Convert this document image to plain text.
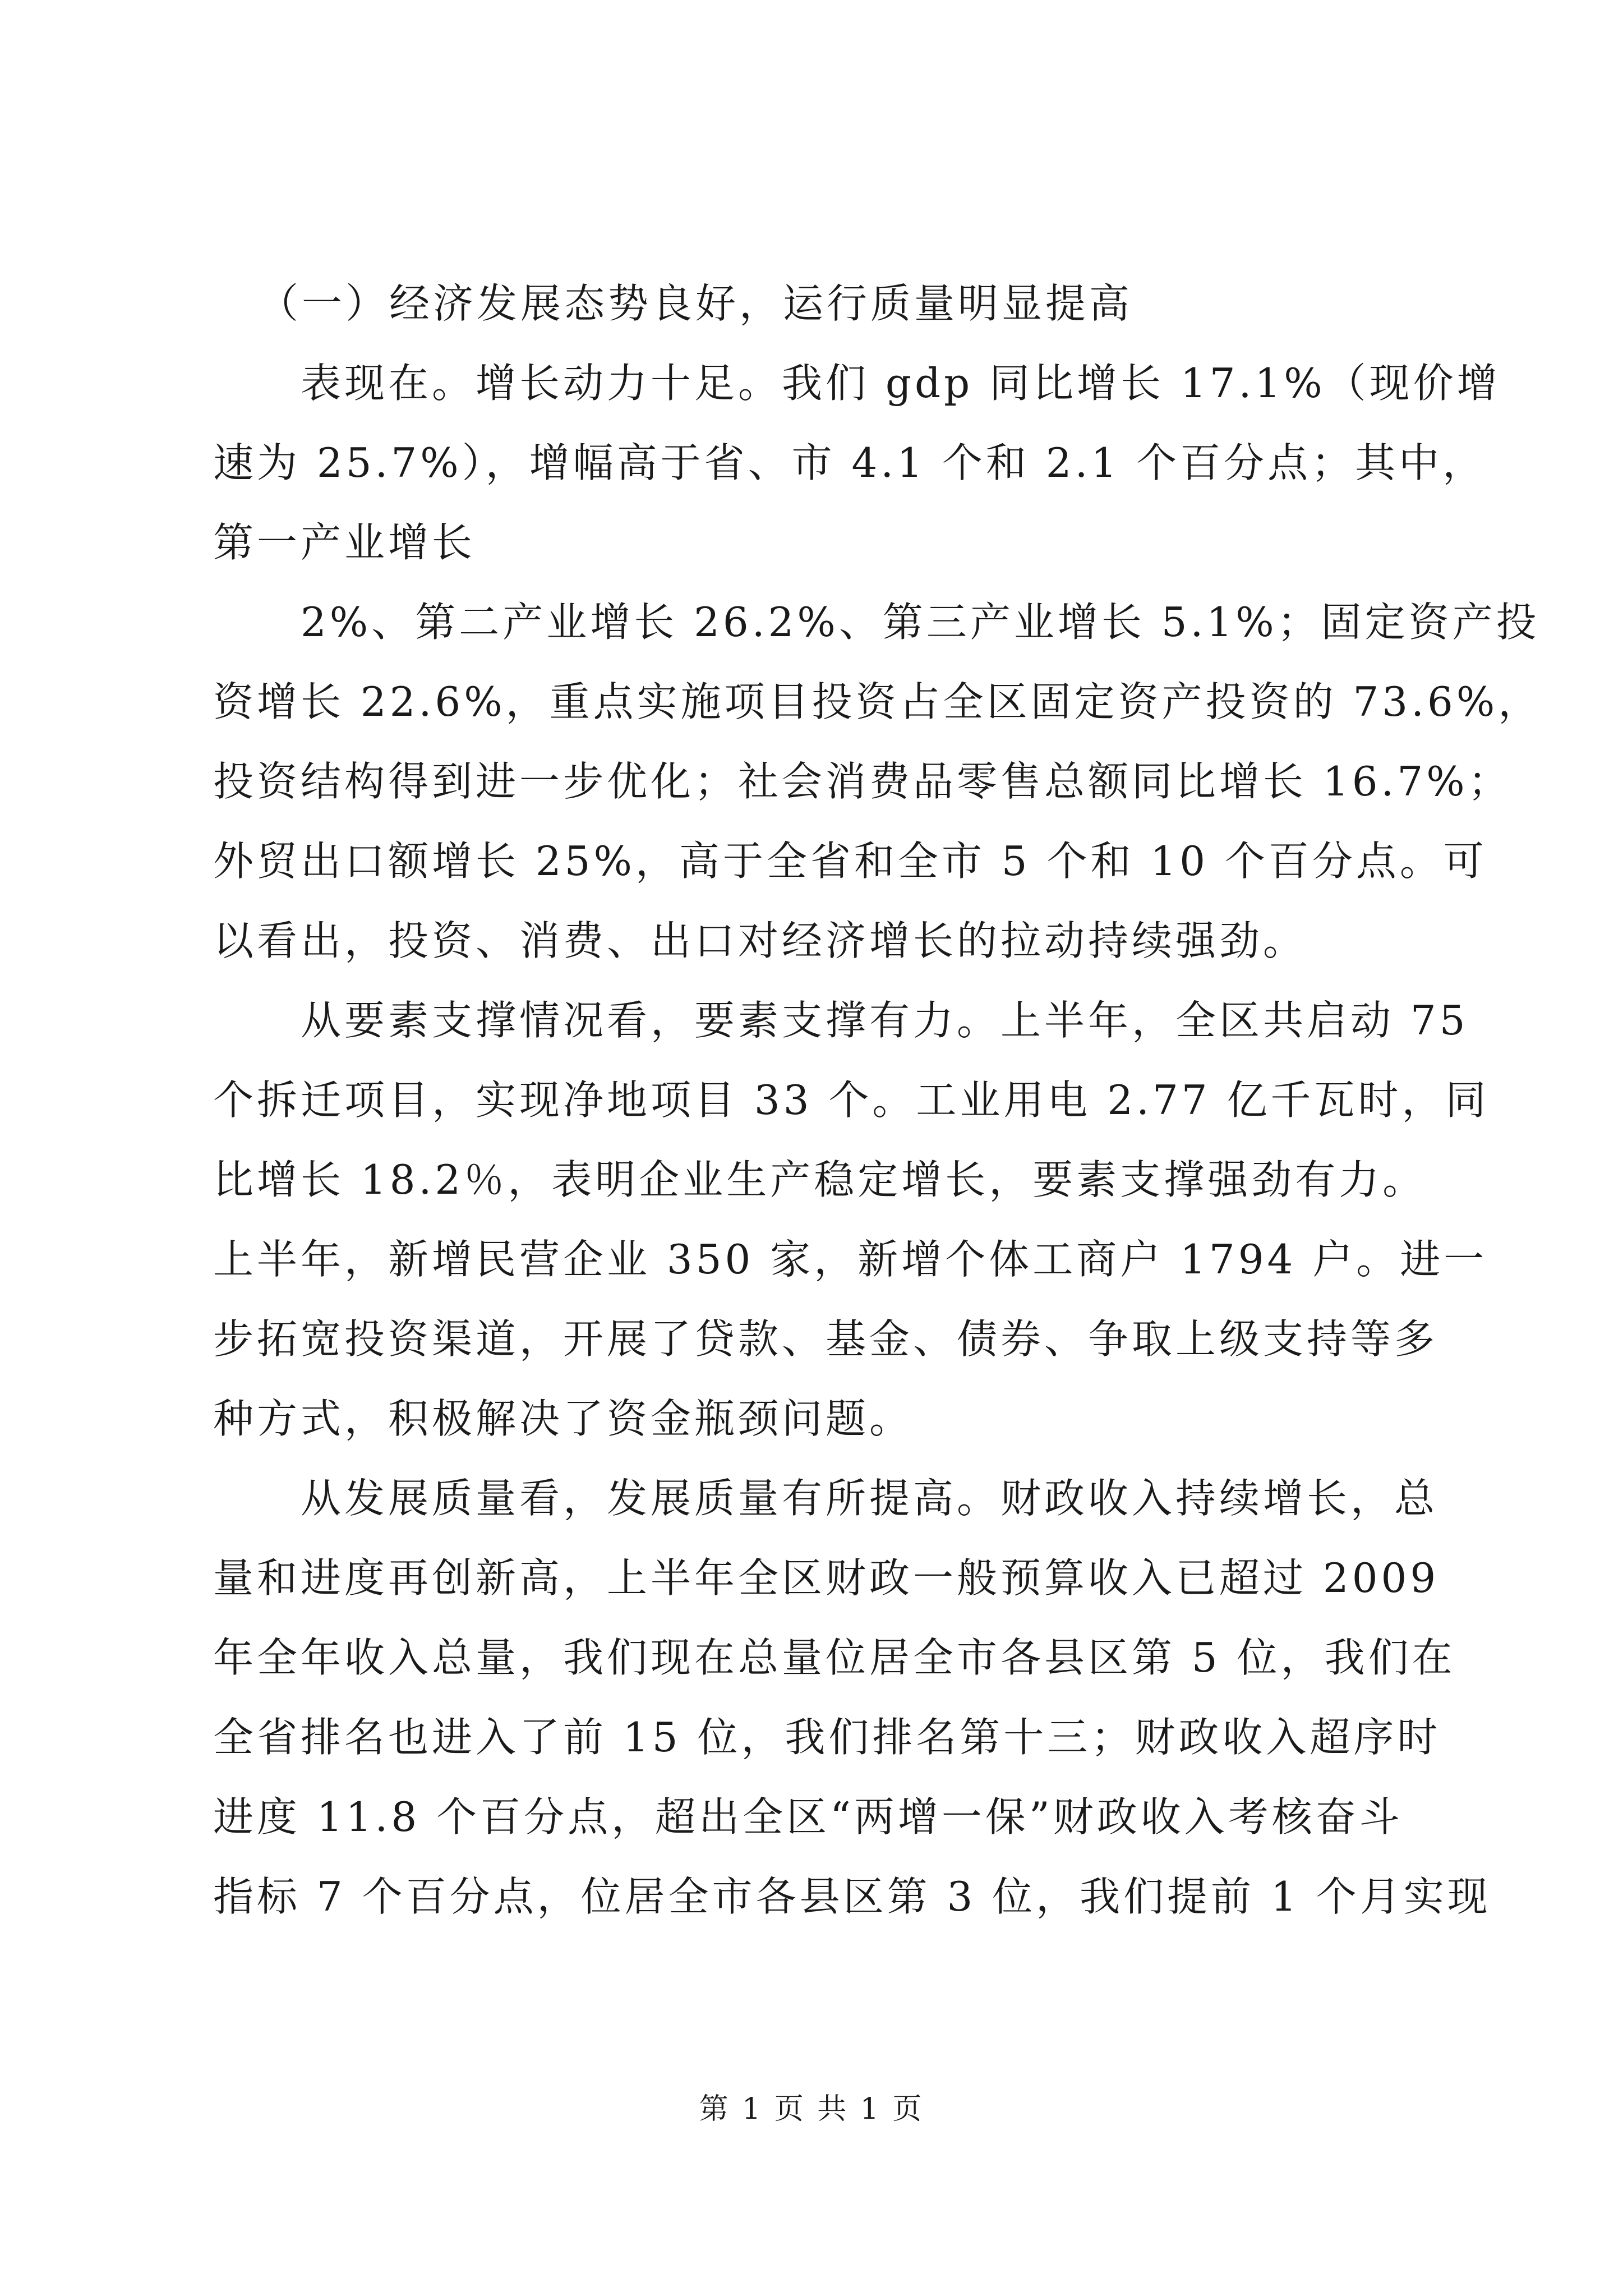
（一）经济发展态势良好，运行质量明显提高
表现在。增长动力十足。我们 gdp 同比增长 17.1%（现价增
速为 25.7%），增幅高于省、市 4.1 个和 2.1 个百分点；其中，
第一产业增长
2%、第二产业增长 26.2%、第三产业增长 5.1%；固定资产投
资增长 22.6%，重点实施项目投资占全区固定资产投资的 73.6%，
投资结构得到进一步优化；社会消费品零售总额同比增长 16.7%；
外贸出口额增长 25%，高于全省和全市 5 个和 10 个百分点。可
以看出，投资、消费、出口对经济增长的拉动持续强劲。
从要素支撑情况看，要素支撑有力。上半年，全区共启动 75
个拆迁项目，实现净地项目 33 个。工业用电 2.77 亿千瓦时，同
比增长 18.2％，表明企业生产稳定增长，要素支撑强劲有力。
上半年，新增民营企业 350 家，新增个体工商户 1794 户。进一
步拓宽投资渠道，开展了贷款、基金、债券、争取上级支持等多
种方式，积极解决了资金瓶颈问题。
从发展质量看，发展质量有所提高。财政收入持续增长，总
量和进度再创新高，上半年全区财政一般预算收入已超过 2009
年全年收入总量，我们现在总量位居全市各县区第 5 位，我们在
全省排名也进入了前 15 位，我们排名第十三；财政收入超序时
进度 11.8 个百分点，超出全区“两增一保”财政收入考核奋斗
指标 7 个百分点，位居全市各县区第 3 位，我们提前 1 个月实现
第 1 页 共 1 页
